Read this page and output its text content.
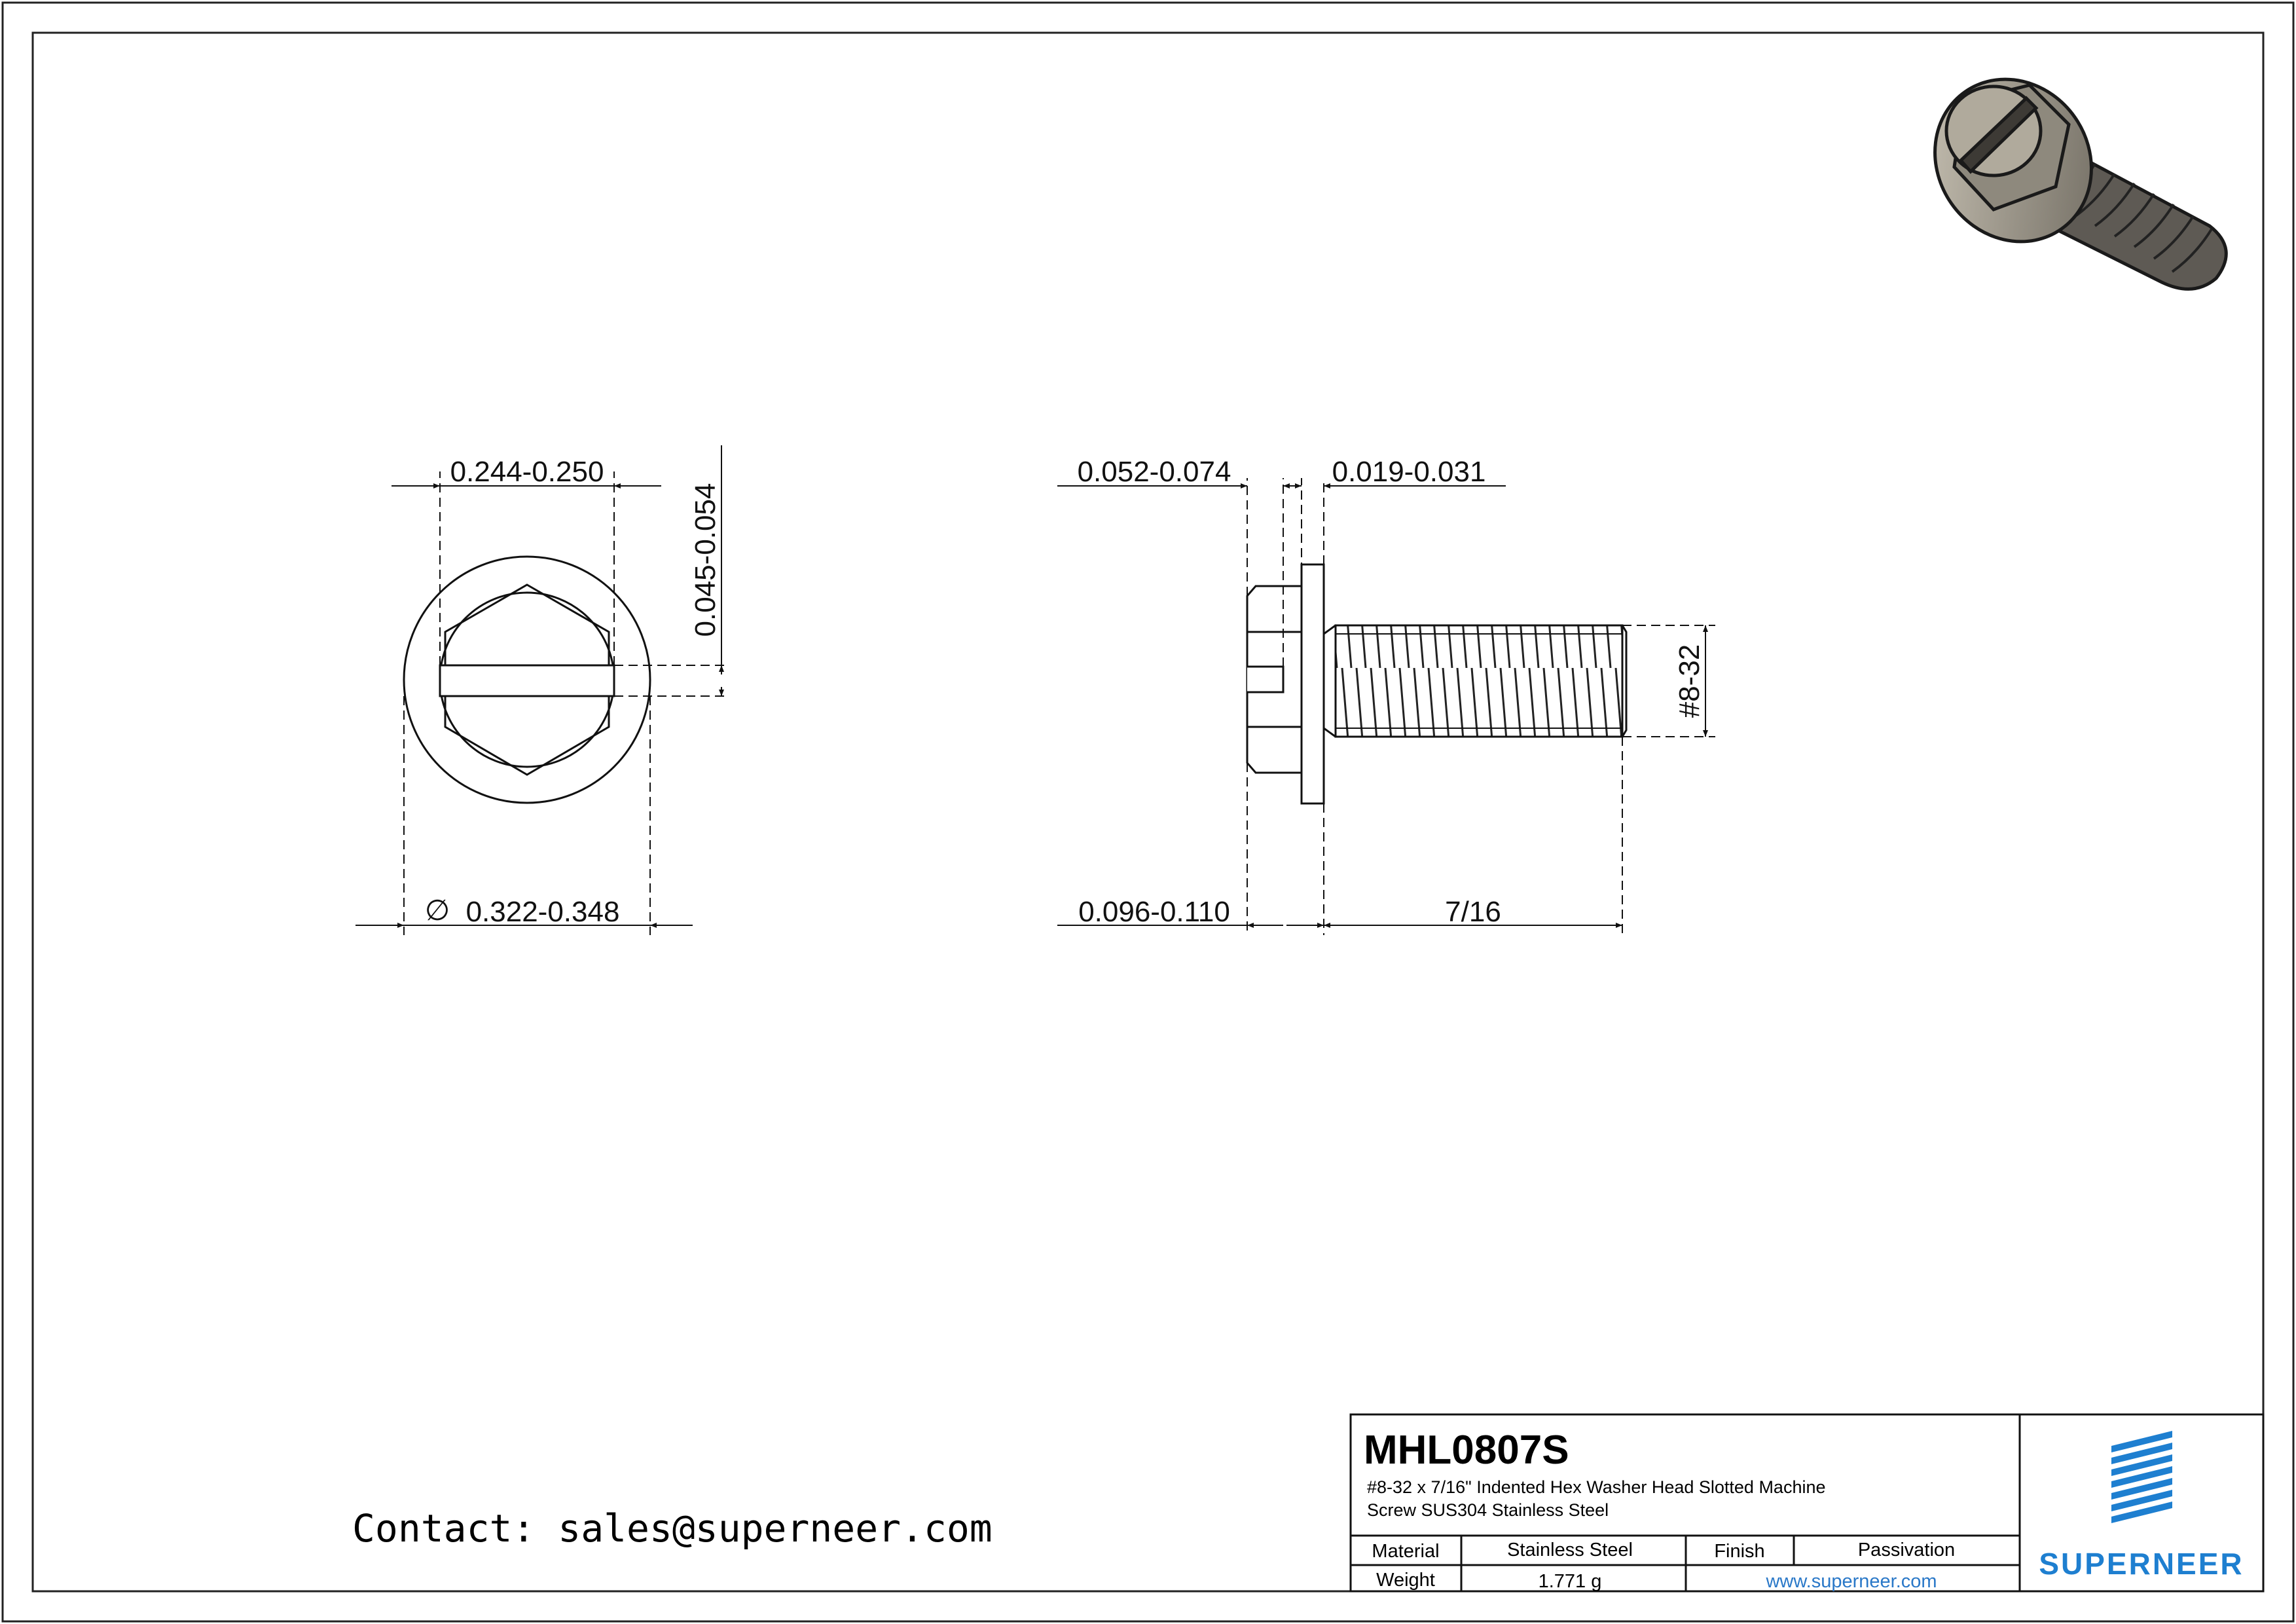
0.244-0.250
0.045-0.054
∅ 0.322-0.348
0.052-0.074	0.019-0.031
0.096-0.110	7/16
#8-32
MHL0807S
#8-32 x 7/16" Indented Hex Washer Head Slotted Machine
Screw SUS304 Stainless Steel
Material	Stainless Steel	Finish	Passivation
Weight	1.771 g	www.superneer.com
SUPERNEER
Contact: sales@superneer.com
